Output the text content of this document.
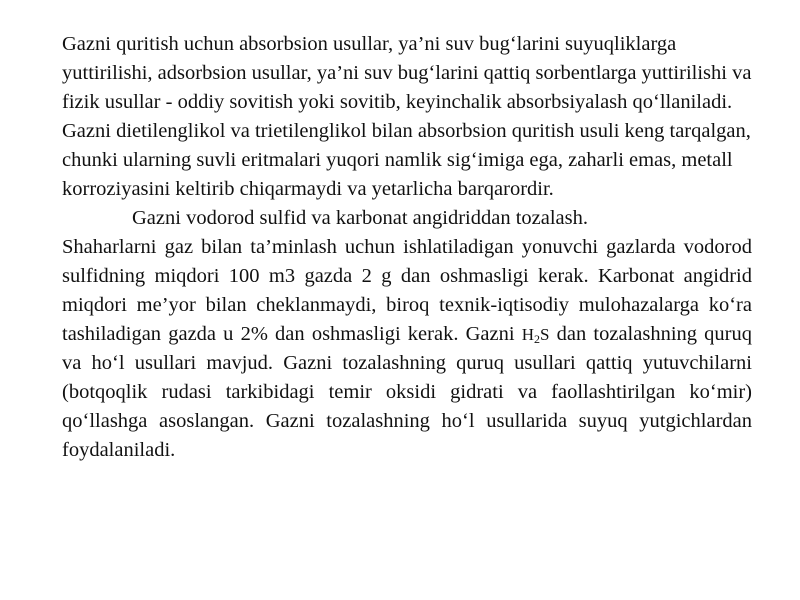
Gazni quritish uchun absorbsion usullar, ya’ni suv bug‘larini suyuqliklarga yuttirilishi, adsorbsion usullar, ya’ni suv bug‘larini qattiq sorbentlarga yuttirilishi va fizik usullar - oddiy sovitish yoki sovitib, keyinchalik absorbsiyalash qo‘llaniladi. Gazni dietilenglikol va trietilenglikol bilan absorbsion quritish usuli keng tarqalgan, chunki ularning suvli eritmalari yuqori namlik sig‘imiga ega, zaharli emas, metall korroziyasini keltirib chiqarmaydi va yetarlicha barqarordir.

Gazni vodorod sulfid va karbonat angidriddan tozalash.

Shaharlarni gaz bilan ta’minlash uchun ishlatiladigan yonuvchi gazlarda vodorod sulfidning miqdori 100 m3 gazda 2 g dan oshmasligi kerak. Karbonat angidrid miqdori me’yor bilan cheklanmaydi, biroq texnik-iqtisodiy mulohazalarga ko‘ra tashiladigan gazda u 2% dan oshmasligi kerak. Gazni $H_2S$ dan tozalashning quruq va ho‘l usullari mavjud. Gazni tozalashning quruq usullari qattiq yutuvchilarni (botqoqlik rudasi tarkibidagi temir oksidi gidrati va faollashtirilgan ko‘mir) qo‘llashga asoslangan. Gazni tozalashning ho‘l usullarida suyuq yutgichlardan foydalaniladi.
